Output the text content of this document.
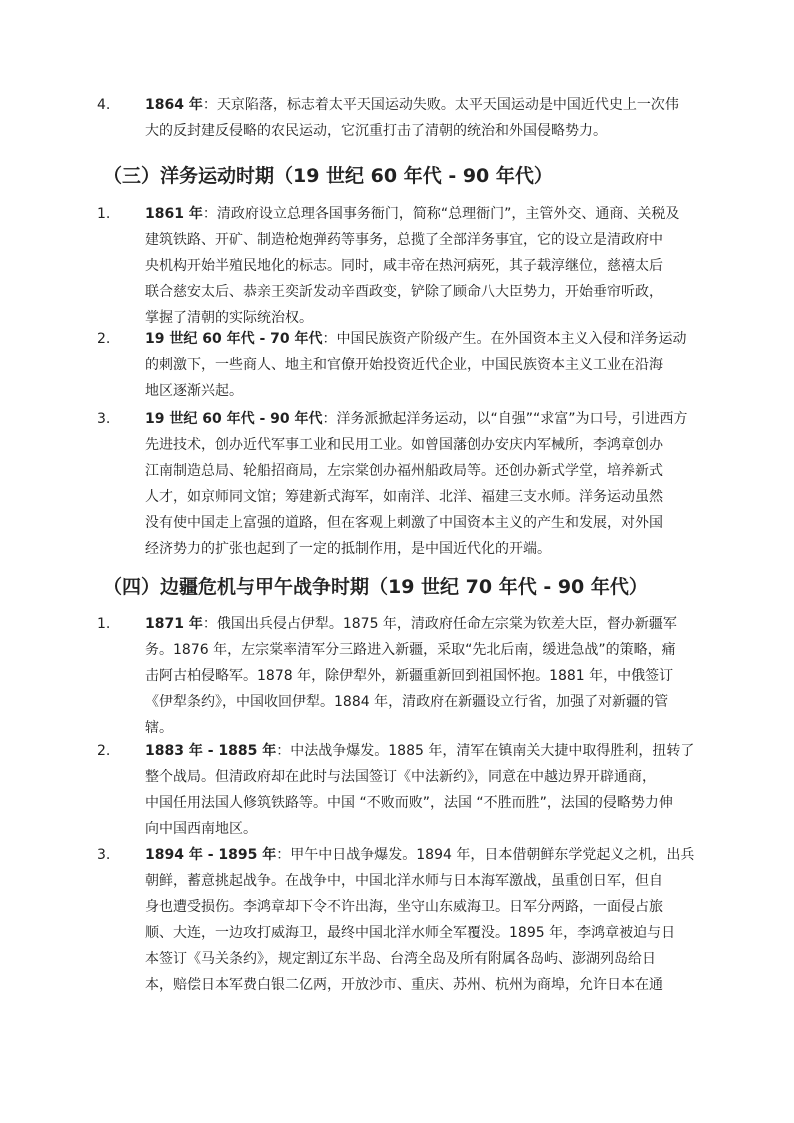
4. 1864 年：天京陷落，标志着太平天国运动失败。太平天国运动是中国近代史上一次伟
大的反封建反侵略的农民运动，它沉重打击了清朝的统治和外国侵略势力。
（三）洋务运动时期（19 世纪 60 年代 - 90 年代）
1. 1861 年：清政府设立总理各国事务衙门，简称“总理衙门”，主管外交、通商、关税及
建筑铁路、开矿、制造枪炮弹药等事务，总揽了全部洋务事宜，它的设立是清政府中
央机构开始半殖民地化的标志。同时，咸丰帝在热河病死，其子载淳继位，慈禧太后
联合慈安太后、恭亲王奕訢发动辛酉政变，铲除了顾命八大臣势力，开始垂帘听政，
掌握了清朝的实际统治权。
2. 19 世纪 60 年代 - 70 年代：中国民族资产阶级产生。在外国资本主义入侵和洋务运动
的刺激下，一些商人、地主和官僚开始投资近代企业，中国民族资本主义工业在沿海
地区逐渐兴起。
3. 19 世纪 60 年代 - 90 年代：洋务派掀起洋务运动，以“自强”“求富”为口号，引进西方
先进技术，创办近代军事工业和民用工业。如曾国藩创办安庆内军械所，李鸿章创办
江南制造总局、轮船招商局，左宗棠创办福州船政局等。还创办新式学堂，培养新式
人才，如京师同文馆；筹建新式海军，如南洋、北洋、福建三支水师。洋务运动虽然
没有使中国走上富强的道路，但在客观上刺激了中国资本主义的产生和发展，对外国
经济势力的扩张也起到了一定的抵制作用，是中国近代化的开端。
（四）边疆危机与甲午战争时期（19 世纪 70 年代 - 90 年代）
1. 1871 年：俄国出兵侵占伊犁。1875 年，清政府任命左宗棠为钦差大臣，督办新疆军
务。1876 年，左宗棠率清军分三路进入新疆，采取“先北后南，缓进急战”的策略，痛
击阿古柏侵略军。1878 年，除伊犁外，新疆重新回到祖国怀抱。1881 年，中俄签订
《伊犁条约》，中国收回伊犁。1884 年，清政府在新疆设立行省，加强了对新疆的管
辖。
2. 1883 年 - 1885 年：中法战争爆发。1885 年，清军在镇南关大捷中取得胜利，扭转了
整个战局。但清政府却在此时与法国签订《中法新约》，同意在中越边界开辟通商，
中国任用法国人修筑铁路等。中国 “不败而败”，法国 “不胜而胜”，法国的侵略势力伸
向中国西南地区。
3. 1894 年 - 1895 年：甲午中日战争爆发。1894 年，日本借朝鲜东学党起义之机，出兵
朝鲜，蓄意挑起战争。在战争中，中国北洋水师与日本海军激战，虽重创日军，但自
身也遭受损伤。李鸿章却下令不许出海，坐守山东威海卫。日军分两路，一面侵占旅
顺、大连，一边攻打威海卫，最终中国北洋水师全军覆没。1895 年，李鸿章被迫与日
本签订《马关条约》，规定割辽东半岛、台湾全岛及所有附属各岛屿、澎湖列岛给日
本，赔偿日本军费白银二亿两，开放沙市、重庆、苏州、杭州为商埠，允许日本在通
